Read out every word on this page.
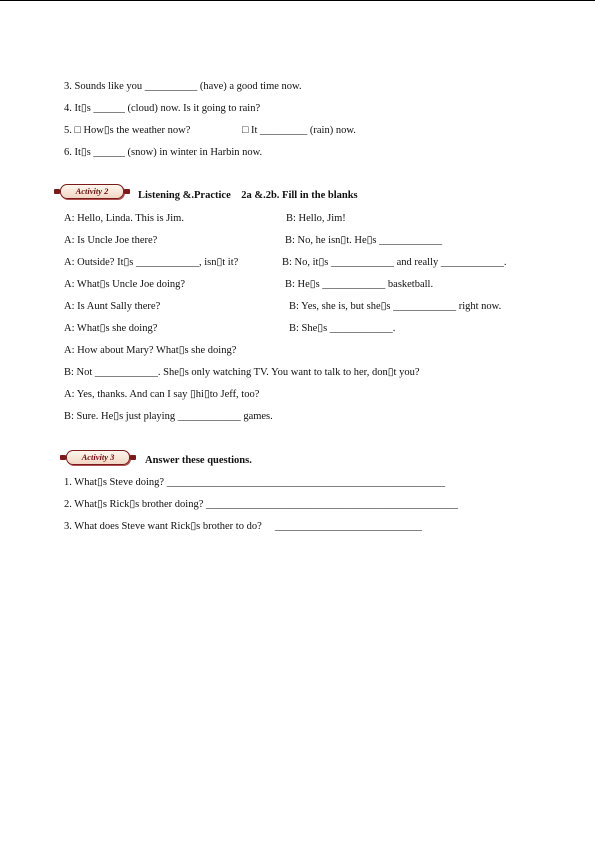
3. Sounds like you __________ (have) a good time now.
4. It▯s ______ (cloud) now. Is it going to rain?
5. □ How▯s the weather now?	□ It _________ (rain) now.
6. It▯s ______ (snow) in winter in Harbin now.
Activity 2	Listening &.Practice    2a &.2b. Fill in the blanks
A: Hello, Linda. This is Jim.	B: Hello, Jim!
A: Is Uncle Joe there?	B: No, he isn▯t. He▯s ____________
A: Outside? It▯s ____________, isn▯t it?	B: No, it▯s ____________ and really ____________.
A: What▯s Uncle Joe doing?	B: He▯s ____________ basketball.
A: Is Aunt Sally there?	B: Yes, she is, but she▯s ____________ right now.
A: What▯s she doing?	B: She▯s ____________.
A: How about Mary? What▯s she doing?
B: Not ____________. She▯s only watching TV. You want to talk to her, don▯t you?
A: Yes, thanks. And can I say ▯hi▯to Jeff, too?
B: Sure. He▯s just playing ____________ games.
Activity 3	Answer these questions.
1. What▯s Steve doing? _____________________________________________________
2. What▯s Rick▯s brother doing? ________________________________________________
3. What does Steve want Rick▯s brother to do?     ____________________________
